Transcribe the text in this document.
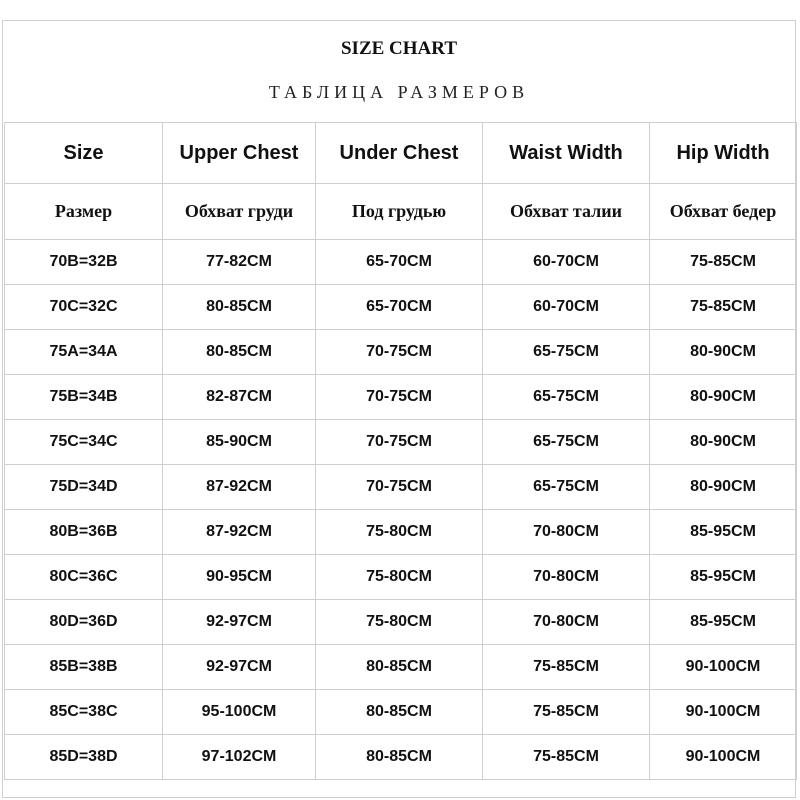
SIZE CHART
ТАБЛИЦА РАЗМЕРОВ
Size	Upper Chest	Under Chest	Waist Width	Hip Width
Размер	Обхват груди	Под грудью	Обхват талии	Обхват бедер
70B=32B	77-82CM	65-70CM	60-70CM	75-85CM
70C=32C	80-85CM	65-70CM	60-70CM	75-85CM
75A=34A	80-85CM	70-75CM	65-75CM	80-90CM
75B=34B	82-87CM	70-75CM	65-75CM	80-90CM
75C=34C	85-90CM	70-75CM	65-75CM	80-90CM
75D=34D	87-92CM	70-75CM	65-75CM	80-90CM
80B=36B	87-92CM	75-80CM	70-80CM	85-95CM
80C=36C	90-95CM	75-80CM	70-80CM	85-95CM
80D=36D	92-97CM	75-80CM	70-80CM	85-95CM
85B=38B	92-97CM	80-85CM	75-85CM	90-100CM
85C=38C	95-100CM	80-85CM	75-85CM	90-100CM
85D=38D	97-102CM	80-85CM	75-85CM	90-100CM
